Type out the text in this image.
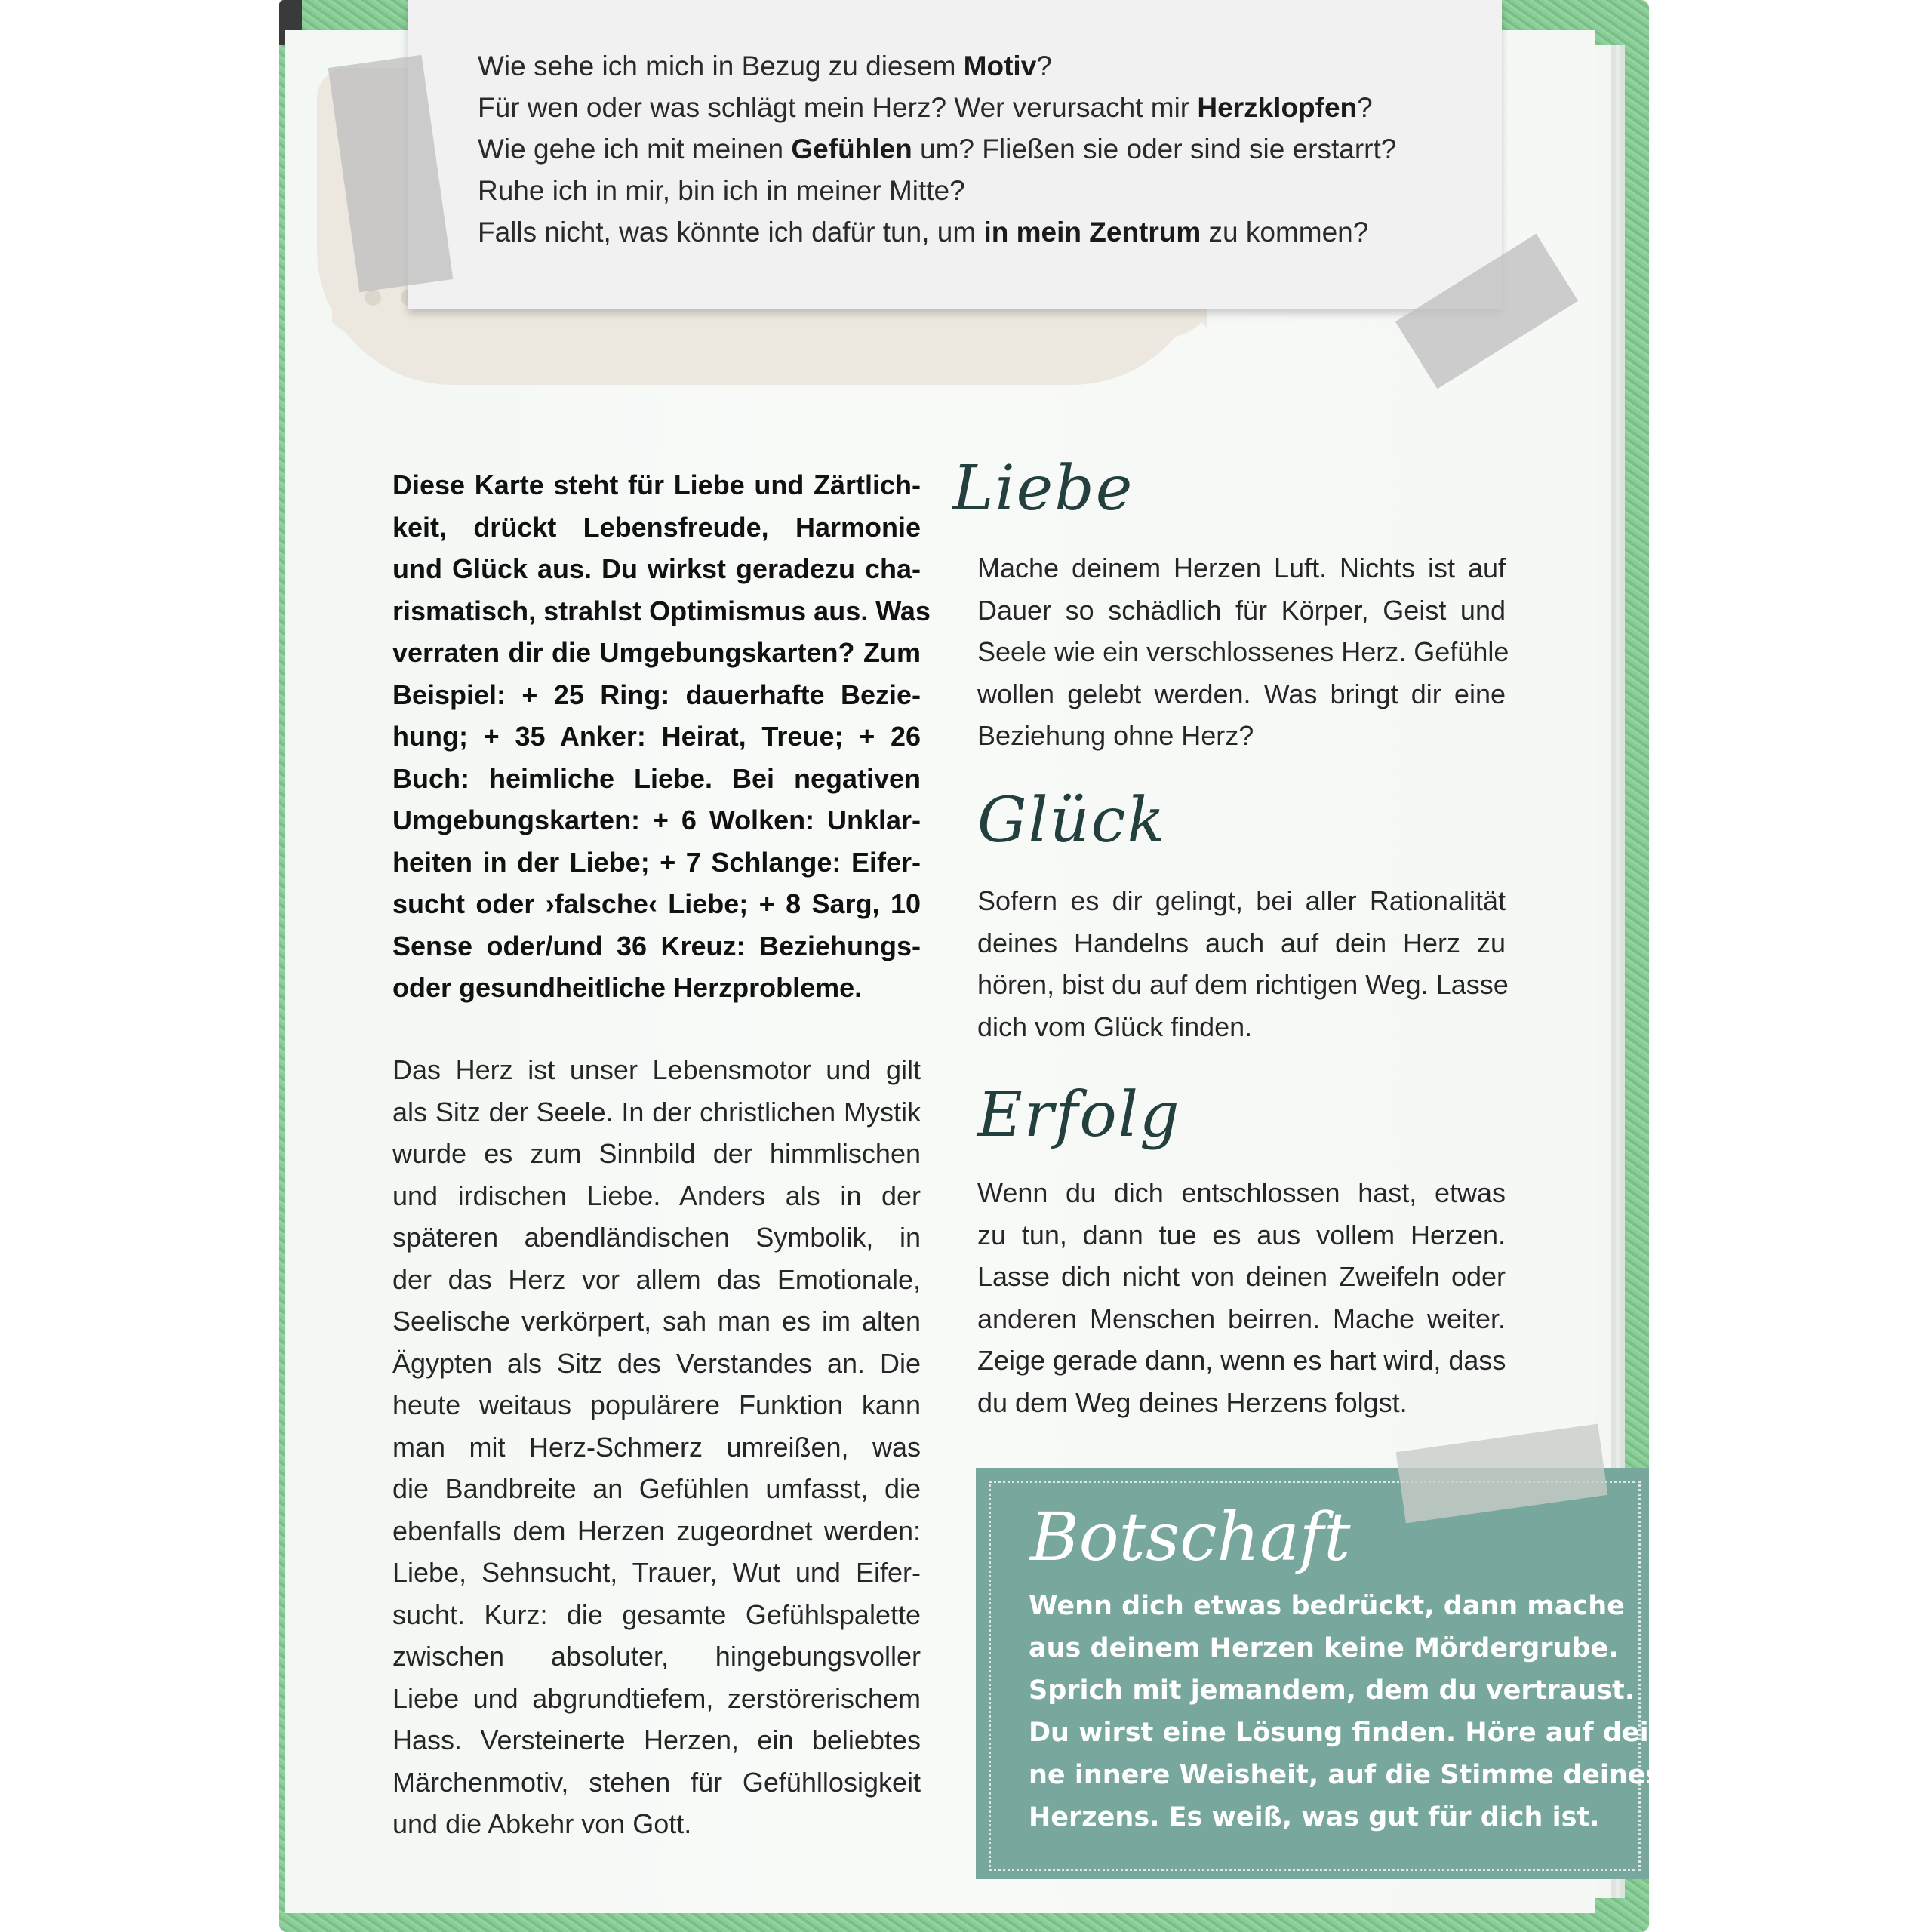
Wie sehe ich mich in Bezug zu diesem Motiv?
Für wen oder was schlägt mein Herz? Wer verursacht mir Herzklopfen?
Wie gehe ich mit meinen Gefühlen um? Fließen sie oder sind sie erstarrt?
Ruhe ich in mir, bin ich in meiner Mitte?
Falls nicht, was könnte ich dafür tun, um in mein Zentrum zu kommen?
Diese Karte steht für Liebe und Zärtlich-
keit, drückt Lebensfreude, Harmonie
und Glück aus. Du wirkst geradezu cha-
rismatisch, strahlst Optimismus aus. Was
verraten dir die Umgebungskarten? Zum
Beispiel: + 25 Ring: dauerhafte Bezie-
hung; + 35 Anker: Heirat, Treue; + 26
Buch: heimliche Liebe. Bei negativen
Umgebungskarten: + 6 Wolken: Unklar-
heiten in der Liebe; + 7 Schlange: Eifer-
sucht oder ›falsche‹ Liebe; + 8 Sarg, 10
Sense oder/und 36 Kreuz: Beziehungs-
oder gesundheitliche Herzprobleme.
Das Herz ist unser Lebensmotor und gilt
als Sitz der Seele. In der christlichen Mystik
wurde es zum Sinnbild der himmlischen
und irdischen Liebe. Anders als in der
späteren abendländischen Symbolik, in
der das Herz vor allem das Emotionale,
Seelische verkörpert, sah man es im alten
Ägypten als Sitz des Verstandes an. Die
heute weitaus populärere Funktion kann
man mit Herz-Schmerz umreißen, was
die Bandbreite an Gefühlen umfasst, die
ebenfalls dem Herzen zugeordnet werden:
Liebe, Sehnsucht, Trauer, Wut und Eifer-
sucht. Kurz: die gesamte Gefühlspalette
zwischen absoluter, hingebungsvoller
Liebe und abgrundtiefem, zerstörerischem
Hass. Versteinerte Herzen, ein beliebtes
Märchenmotiv, stehen für Gefühllosigkeit
und die Abkehr von Gott.
Liebe
Mache deinem Herzen Luft. Nichts ist auf
Dauer so schädlich für Körper, Geist und
Seele wie ein verschlossenes Herz. Gefühle
wollen gelebt werden. Was bringt dir eine
Beziehung ohne Herz?
Glück
Sofern es dir gelingt, bei aller Rationalität
deines Handelns auch auf dein Herz zu
hören, bist du auf dem richtigen Weg. Lasse
dich vom Glück finden.
Erfolg
Wenn du dich entschlossen hast, etwas
zu tun, dann tue es aus vollem Herzen.
Lasse dich nicht von deinen Zweifeln oder
anderen Menschen beirren. Mache weiter.
Zeige gerade dann, wenn es hart wird, dass
du dem Weg deines Herzens folgst.
Botschaft
Wenn dich etwas bedrückt, dann mache
aus deinem Herzen keine Mördergrube.
Sprich mit jemandem, dem du vertraust.
Du wirst eine Lösung finden. Höre auf dei-
ne innere Weisheit, auf die Stimme deines
Herzens. Es weiß, was gut für dich ist.
